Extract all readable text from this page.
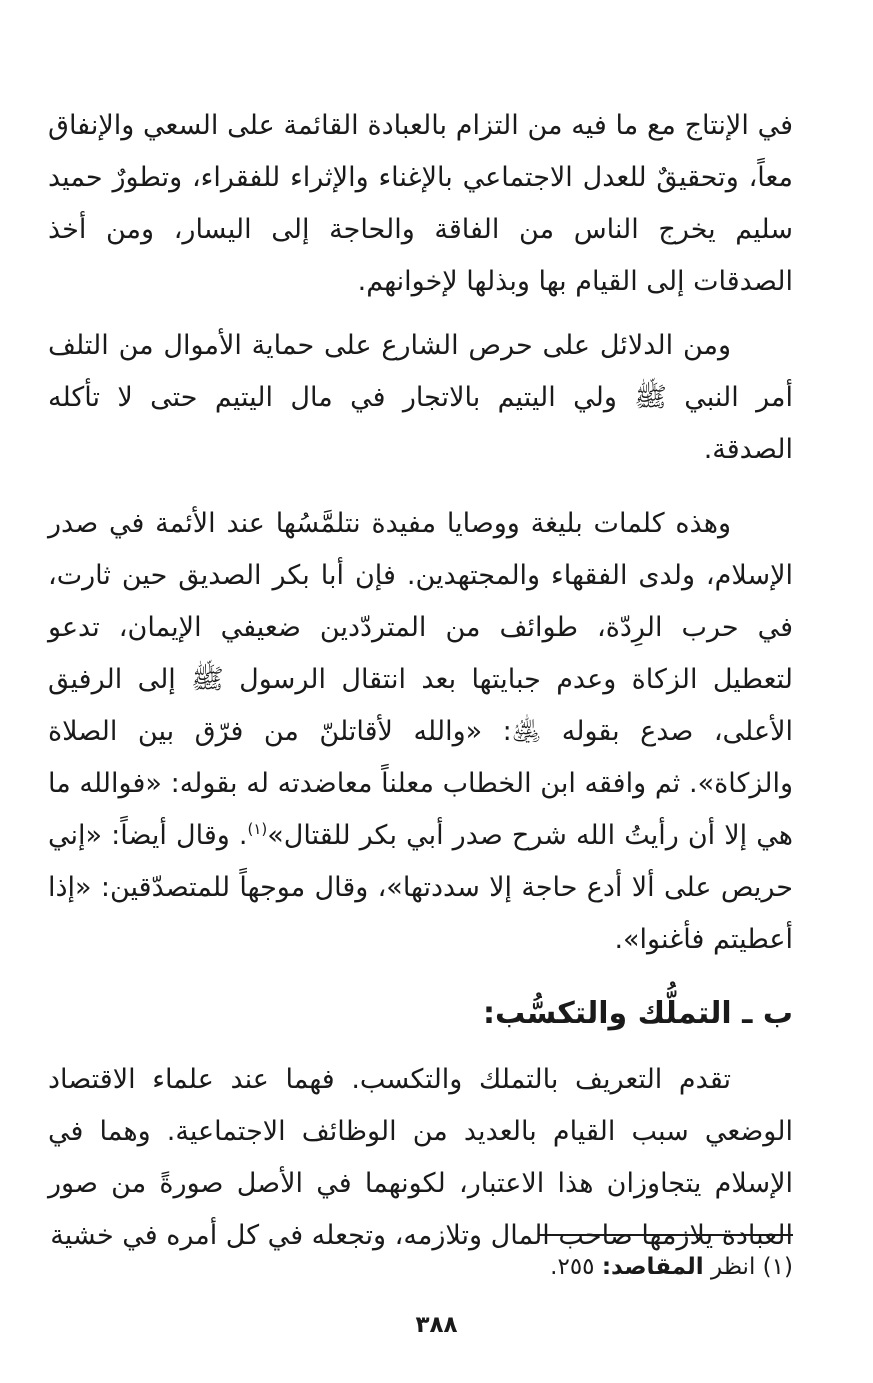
في الإنتاج مع ما فيه من التزام بالعبادة القائمة على السعي والإنفاق معاً، وتحقيقٌ للعدل الاجتماعي بالإغناء والإثراء للفقراء، وتطورٌ حميد سليم يخرج الناس من الفاقة والحاجة إلى اليسار، ومن أخذ الصدقات إلى القيام بها وبذلها لإخوانهم.

ومن الدلائل على حرص الشارع على حماية الأموال من التلف أمر النبي ﷺ ولي اليتيم بالاتجار في مال اليتيم حتى لا تأكله الصدقة.

وهذه كلمات بليغة ووصايا مفيدة نتلمَّسُها عند الأئمة في صدر الإسلام، ولدى الفقهاء والمجتهدين. فإن أبا بكر الصديق حين ثارت، في حرب الرِدّة، طوائف من المتردّدين ضعيفي الإيمان، تدعو لتعطيل الزكاة وعدم جبايتها بعد انتقال الرسول ﷺ إلى الرفيق الأعلى، صدع بقوله ﵁: «والله لأقاتلنّ من فرّق بين الصلاة والزكاة». ثم وافقه ابن الخطاب معلناً معاضدته له بقوله: «فوالله ما هي إلا أن رأيتُ الله شرح صدر أبي بكر للقتال»$^{(١)}$. وقال أيضاً: «إني حريص على ألا أدع حاجة إلا سددتها»، وقال موجهاً للمتصدّقين: «إذا أعطيتم فأغنوا».

ب ـ التملُّك والتكسُّب:

تقدم التعريف بالتملك والتكسب. فهما عند علماء الاقتصاد الوضعي سبب القيام بالعديد من الوظائف الاجتماعية. وهما في الإسلام يتجاوزان هذا الاعتبار، لكونهما في الأصل صورةً من صور العبادة يلازمها صاحب المال وتلازمه، وتجعله في كل أمره في خشية

(١) انظر المقاصد: ٢٥٥.
٣٨٨
